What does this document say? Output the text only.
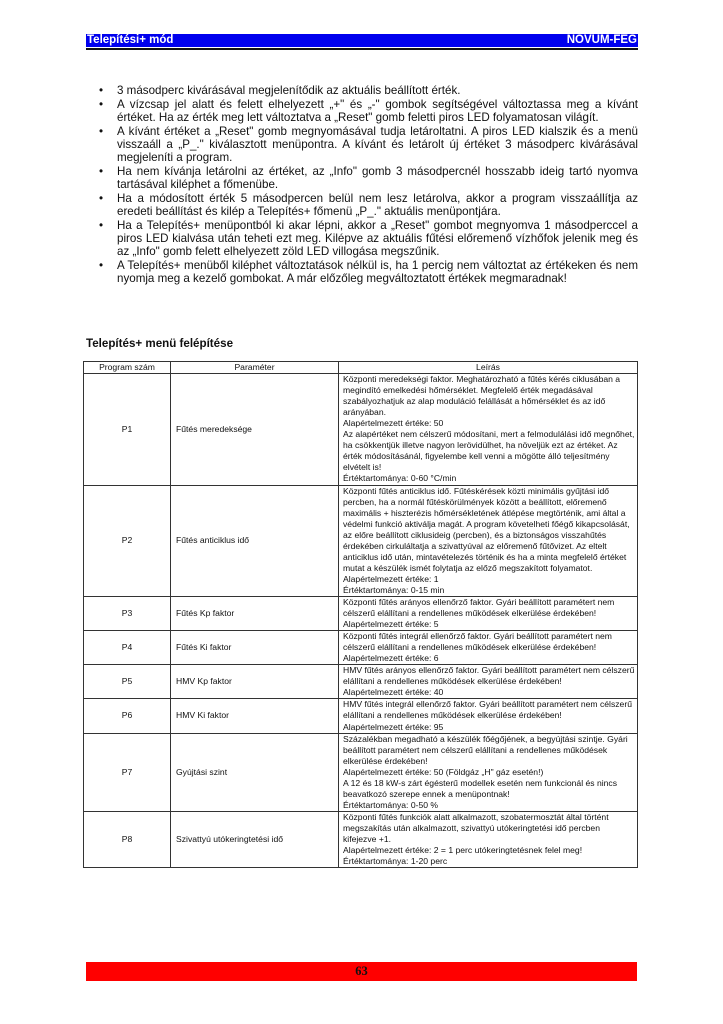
Telepítési+ mód	NOVUM-FÉG
• 3 másodperc kivárásával megjelenítődik az aktuális beállított érték.
• A vízcsap jel alatt és felett elhelyezett „+" és „-" gombok segítségével változtassa meg a kívánt értéket. Ha az érték meg lett változtatva a „Reset" gomb feletti piros LED folyamatosan világít.
• A kívánt értéket a „Reset" gomb megnyomásával tudja letároltatni. A piros LED kialszik és a menü visszaáll a „P_." kiválasztott menüpontra. A kívánt és letárolt új értéket 3 másodperc kivárásával megjeleníti a program.
• Ha nem kívánja letárolni az értéket, az „Info" gomb 3 másodpercnél hosszabb ideig tartó nyomva tartásával kiléphet a főmenübe.
• Ha a módosított érték 5 másodpercen belül nem lesz letárolva, akkor a program visszaállítja az eredeti beállítást és kilép a Telepítés+ főmenü „P_." aktuális menüpontjára.
• Ha a Telepítés+ menüpontból ki akar lépni, akkor a „Reset" gombot megnyomva 1 másodperccel a piros LED kialvása után teheti ezt meg. Kilépve az aktuális fűtési előremenő vízhőfok jelenik meg és az „Info" gomb felett elhelyezett zöld LED villogása megszűnik.
• A Telepítés+ menüből kiléphet változtatások nélkül is, ha 1 percig nem változtat az értékeken és nem nyomja meg a kezelő gombokat. A már előzőleg megváltoztatott értékek megmaradnak!
Telepítés+ menü felépítése
Program szám	Paraméter	Leírás
P1	Fűtés meredeksége	Központi meredekségi faktor. Meghatározható a fűtés kérés ciklusában a megindító emelkedési hőmérséklet. Megfelelő érték megadásával szabályozhatjuk az alap moduláció felállását a hőmérséklet és az idő arányában.
Alapértelmezett értéke: 50
Az alapértéket nem célszerű módosítani, mert a felmodulálási idő megnőhet, ha csökkentjük illetve nagyon lerövidülhet, ha növeljük ezt az értéket. Az érték módosításánál, figyelembe kell venni a mögötte álló teljesítmény elvételt is!
Értéktartománya: 0-60 °C/min

P2	Fűtés anticiklus idő	Központi fűtés anticiklus idő. Fűtéskérések közti minimális gyűjtási idő percben, ha a normál fűtéskörülmények között a beállított, előremenő maximális + hiszterézis hőmérsékletének átlépése megtörténik, ami által a védelmi funkció aktiválja magát. A program követelheti főégő kikapcsolását, az előre beállított ciklusideig (percben), és a biztonságos visszahűtés érdekében cirkuláltatja a szivattyúval az előremenő fűtővizet. Az eltelt anticiklus idő után, mintavételezés történik és ha a minta megfelelő értéket mutat a készülék ismét folytatja az előző megszakított folyamatot.
Alapértelmezett értéke: 1
Értéktartománya: 0-15 min

P3	Fűtés Kp faktor	Központi fűtés arányos ellenőrző faktor. Gyári beállított paramétert nem célszerű elállítani a rendellenes működések elkerülése érdekében!
Alapértelmezett értéke: 5

P4	Fűtés Ki faktor	Központi fűtés integrál ellenőrző faktor. Gyári beállított paramétert nem célszerű elállítani a rendellenes működések elkerülése érdekében!
Alapértelmezett értéke: 6

P5	HMV Kp faktor	HMV fűtés arányos ellenőrző faktor. Gyári beállított paramétert nem célszerű elállítani a rendellenes működések elkerülése érdekében!
Alapértelmezett értéke: 40

P6	HMV Ki faktor	HMV fűtés integrál ellenőrző faktor. Gyári beállított paramétert nem célszerű elállítani a rendellenes működések elkerülése érdekében!
Alapértelmezett értéke: 95

P7	Gyújtási szint	Százalékban megadható a készülék főégőjének, a begyújtási szintje. Gyári beállított paramétert nem célszerű elállítani a rendellenes működések elkerülése érdekében!
Alapértelmezett értéke: 50 (Földgáz „H" gáz esetén!)
A 12 és 18 kW-s zárt égésterű modellek esetén nem funkcionál és nincs beavatkozó szerepe ennek a menüpontnak!
Értéktartománya: 0-50 %

P8	Szivattyú utókeringtetési idő	Központi fűtés funkciók alatt alkalmazott, szobatermosztát által történt megszakítás után alkalmazott, szivattyú utókeringtetési idő percben kifejezve +1.
Alapértelmezett értéke: 2 = 1 perc utókeringtetésnek felel meg!
Értéktartománya: 1-20 perc
63
